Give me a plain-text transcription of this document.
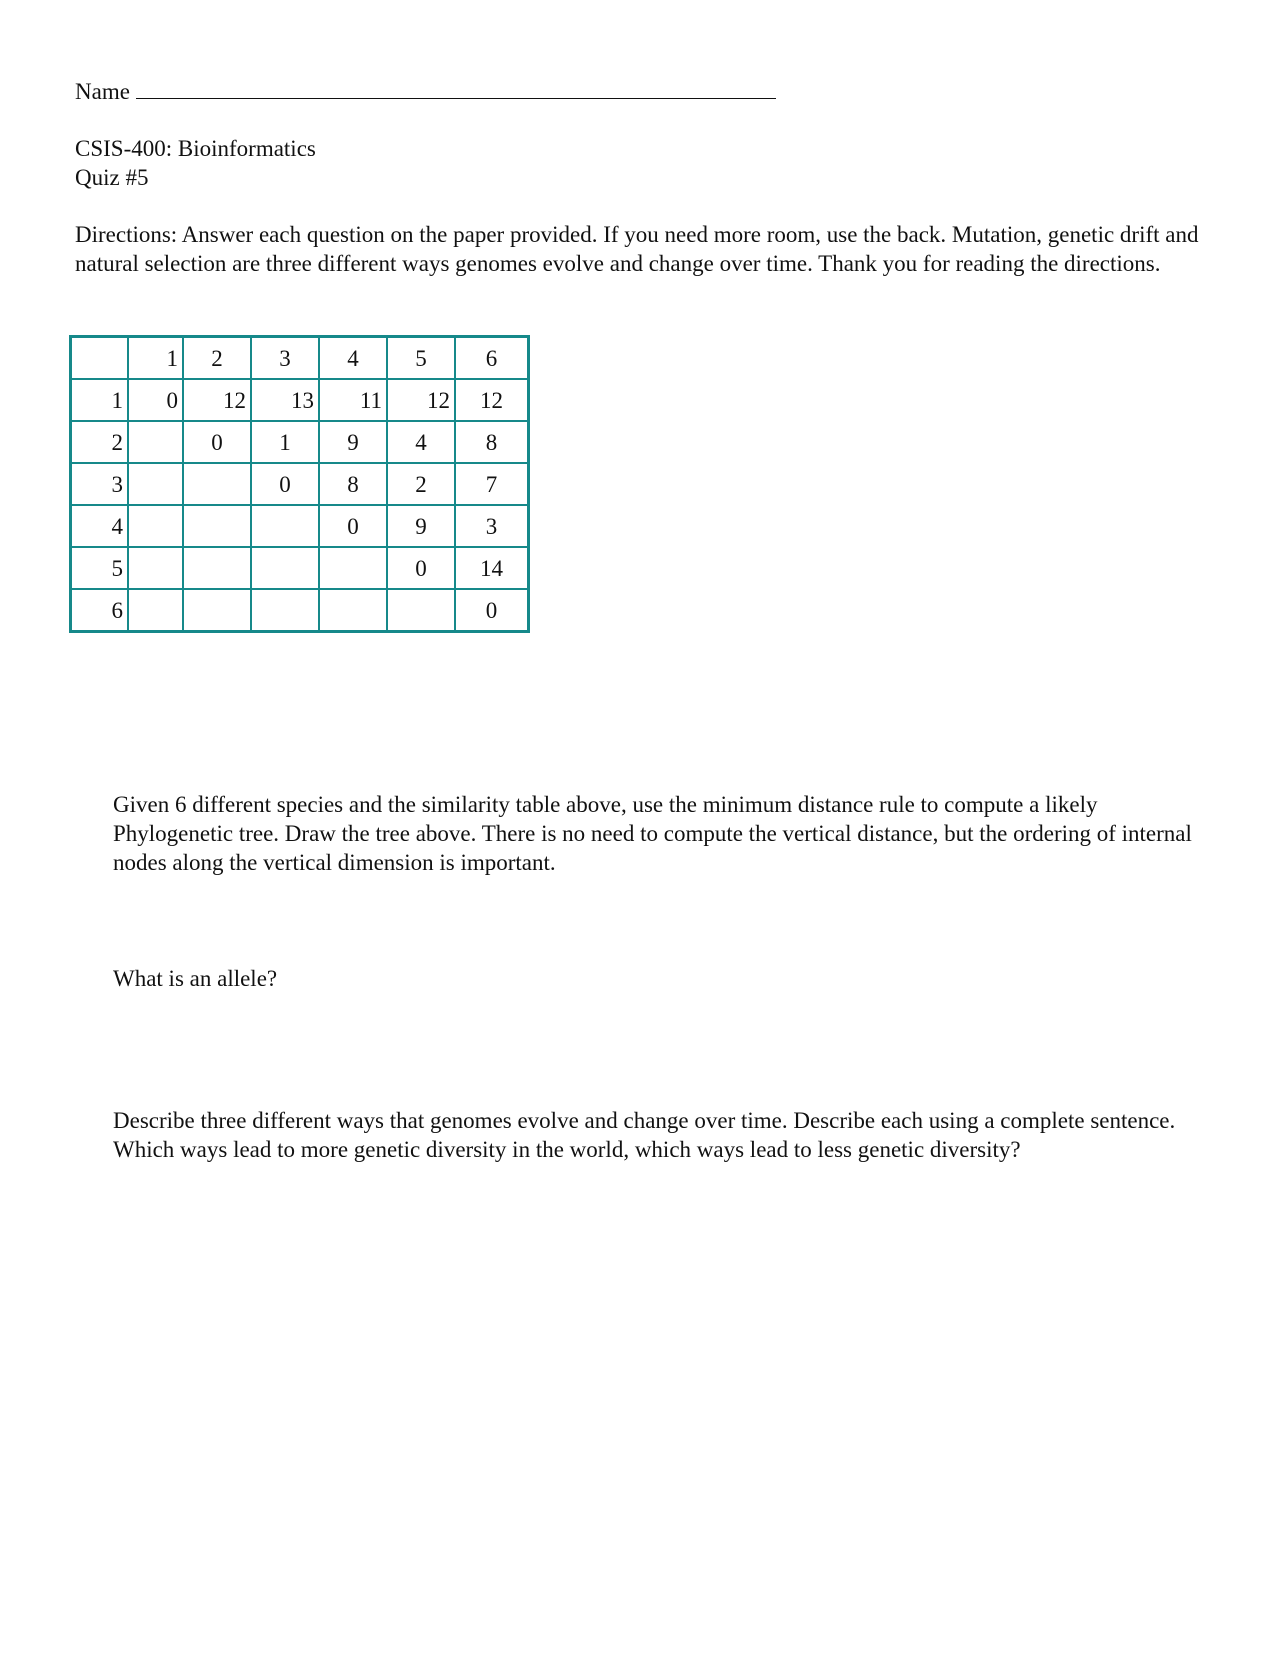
Name
CSIS-400: Bioinformatics
Quiz #5
Directions: Answer each question on the paper provided. If you need more room, use the back. Mutation, genetic drift and natural selection are three different ways genomes evolve and change over time. Thank you for reading the directions.
	1	2	3	4	5	6
1	0	12	13	11	12	12
2		0	1	9	4	8
3			0	8	2	7
4				0	9	3
5					0	14
6						0
Given 6 different species and the similarity table above, use the minimum distance rule to compute a likely Phylogenetic tree. Draw the tree above. There is no need to compute the vertical distance, but the ordering of internal nodes along the vertical dimension is important.
What is an allele?
Describe three different ways that genomes evolve and change over time. Describe each using a complete sentence. Which ways lead to more genetic diversity in the world, which ways lead to less genetic diversity?
